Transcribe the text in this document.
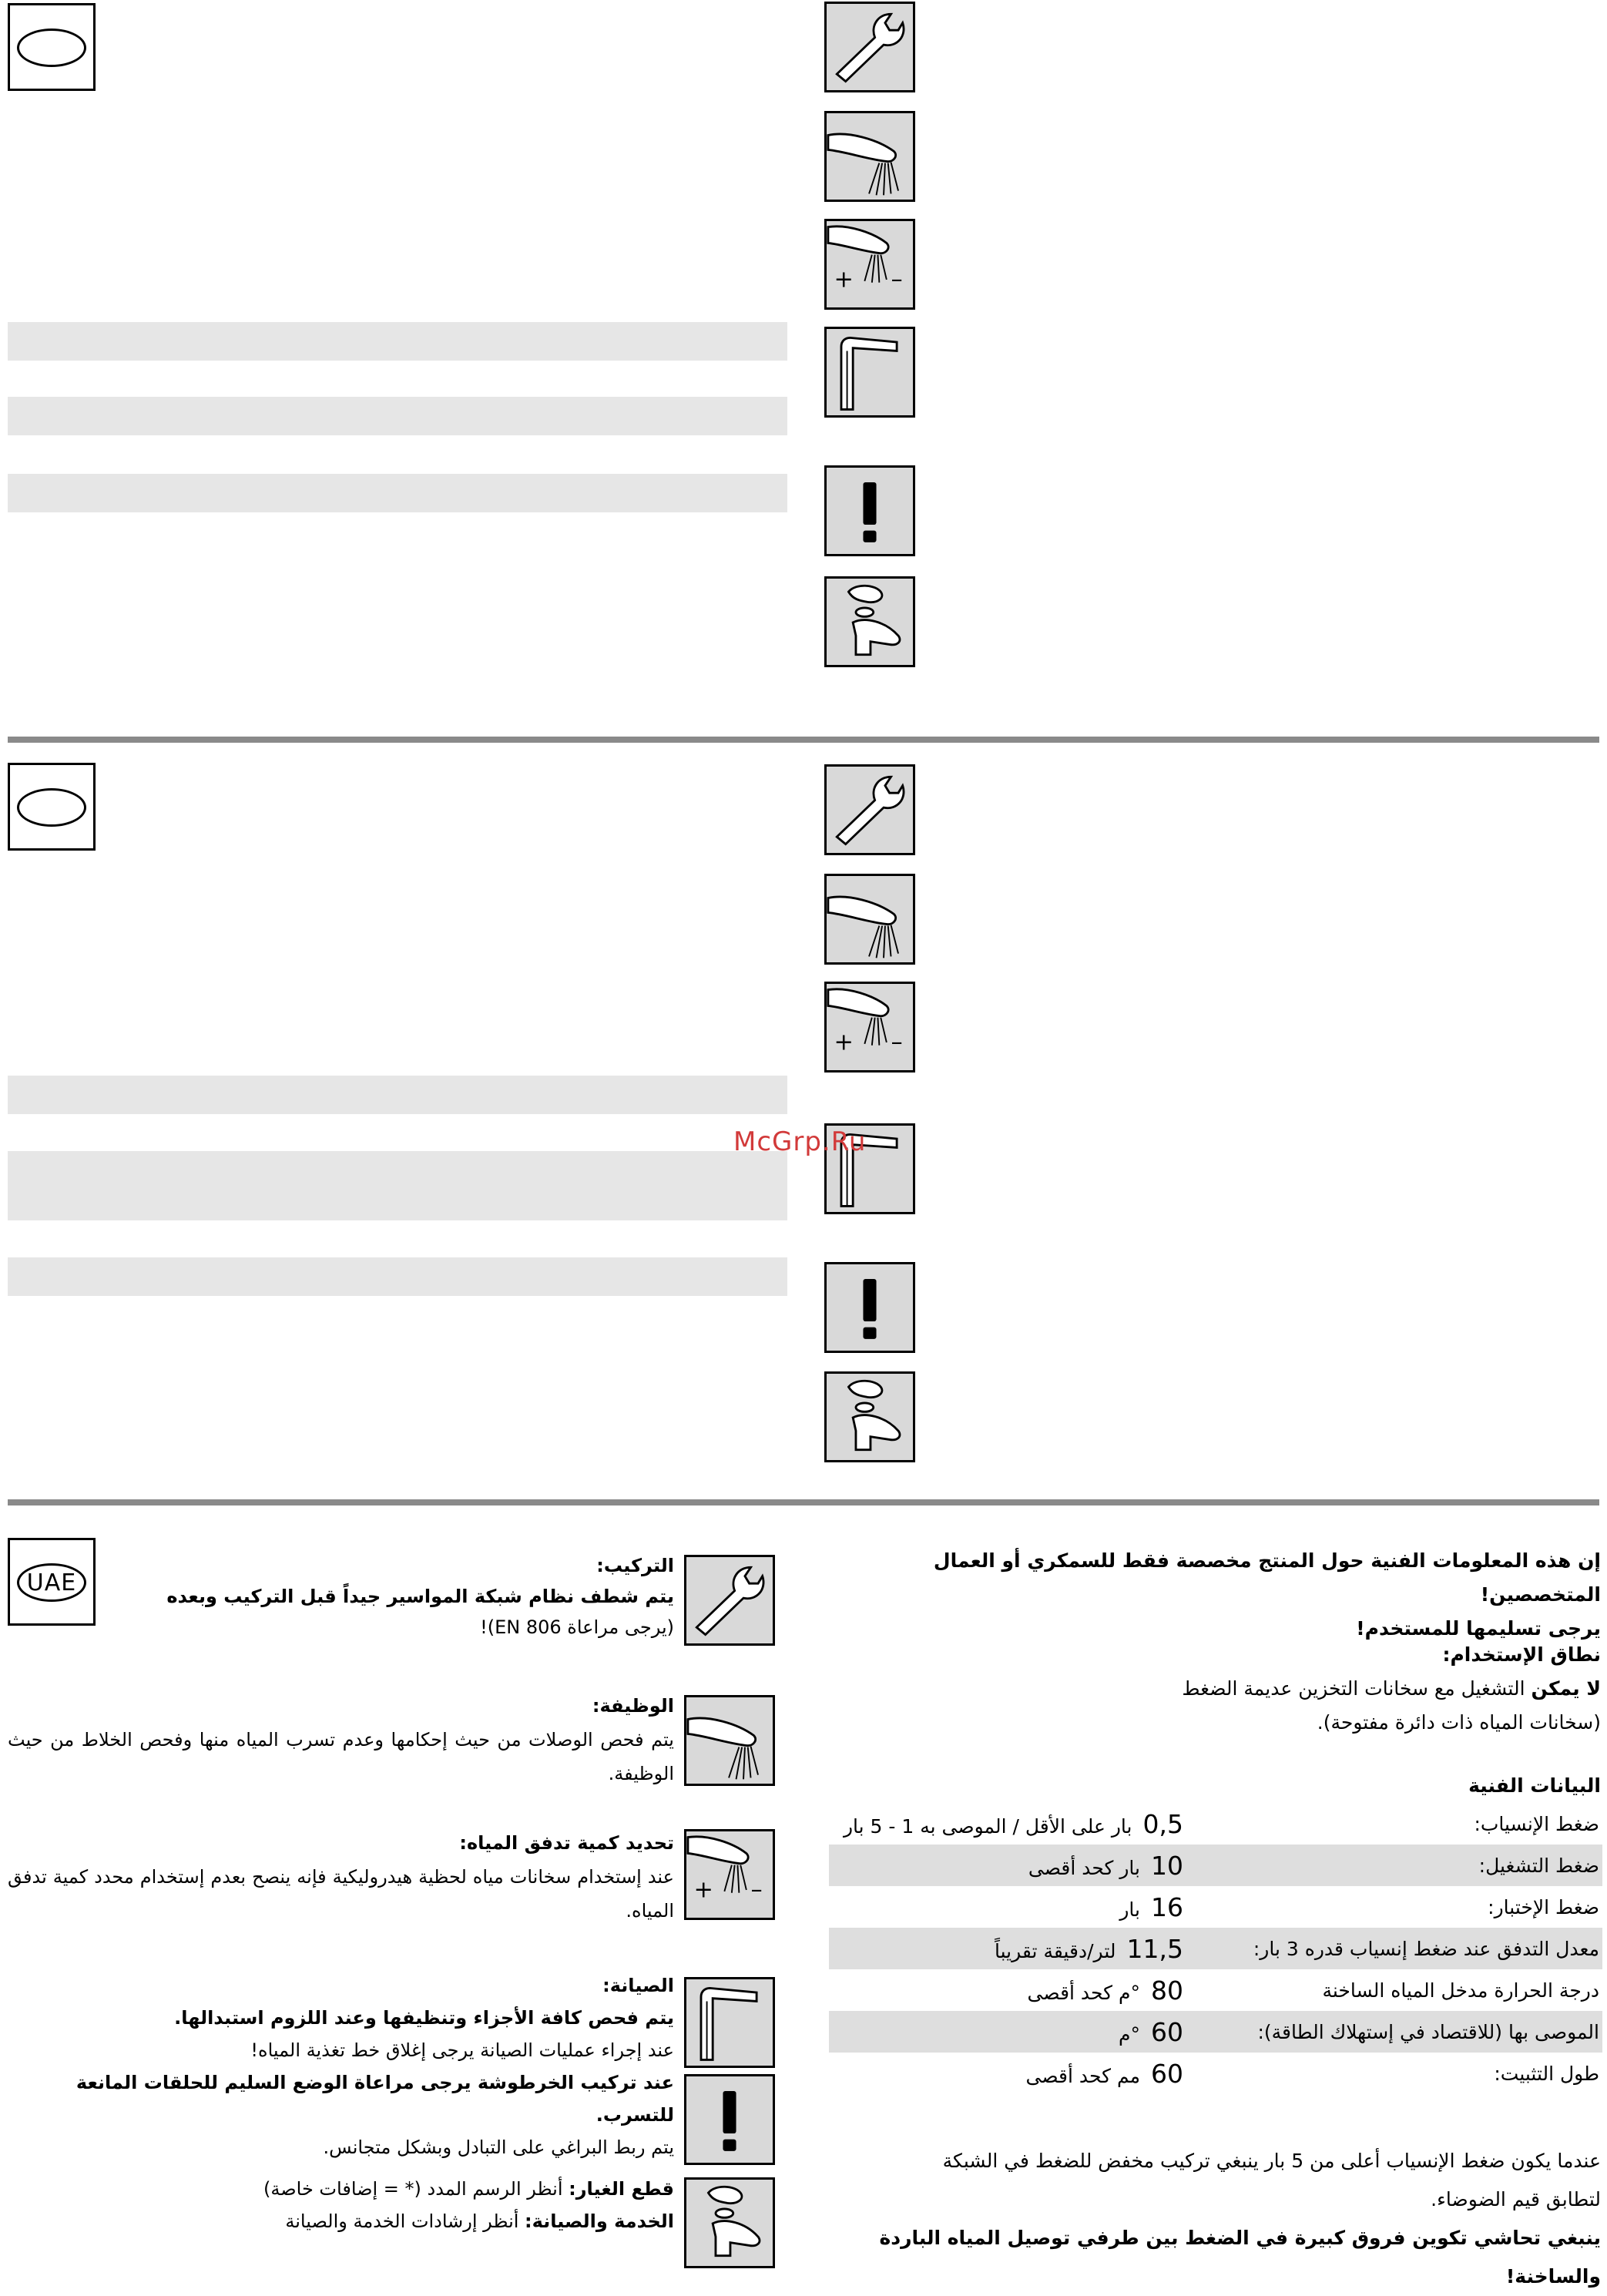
+ –
+ –
McGrp.Ru
UAE
+ –

التركيب:

يتم شطف نظام شبكة المواسير جيداً قبل التركيب وبعده

(يرجى مراعاة EN 806)!

الوظيفة:

يتم فحص الوصلات من حيث إحكامها وعدم تسرب المياه منها وفحص الخلاط من حيث الوظيفة.

تحديد كمية تدفق المياه:

عند إستخدام سخانات مياه لحظية هيدروليكية فإنه ينصح بعدم إستخدام محدد كمية تدفق المياه.

الصيانة:

يتم فحص كافة الأجزاء وتنظيفها وعند اللزوم استبدالها.

عند إجراء عمليات الصيانة يرجى إغلاق خط تغذية المياه!

عند تركيب الخرطوشة يرجى مراعاة الوضع السليم للحلقات المانعة للتسرب.

يتم ربط البراغي على التبادل وبشكل متجانس.

قطع الغيار: أنظر الرسم المدد (* = إضافات خاصة)

الخدمة والصيانة: أنظر إرشادات الخدمة والصيانة

إن هذه المعلومات الفنية حول المنتج مخصصة فقط للسمكري أو العمال المتخصصين!

يرجى تسليمها للمستخدم!

نطاق الإستخدام:

لا يمكن التشغيل مع سخانات التخزين عديمة الضغط

(سخانات المياه ذات دائرة مفتوحة).

البيانات الفنية

ضغط الإنسياب:
0,5
بار على الأقل / الموصى به 1 - 5 بار
ضغط التشغيل:
10
بار كحد أقصى
ضغط الإختبار:
16
بار
معدل التدفق عند ضغط إنسياب قدره 3 بار:
11,5
لتر/دقيقة تقريباً
درجة الحرارة مدخل المياه الساخنة
80
°م كحد أقصى
الموصى بها (للاقتصاد في إستهلاك الطاقة):
60
°م
طول التثبيت:
60
مم كحد أقصى

عندما يكون ضغط الإنسياب أعلى من 5 بار ينبغي تركيب مخفض للضغط في الشبكة

لتطابق قيم الضوضاء.

ينبغي تحاشي تكوين فروق كبيرة في الضغط بين طرفي توصيل المياه الباردة والساخنة!
